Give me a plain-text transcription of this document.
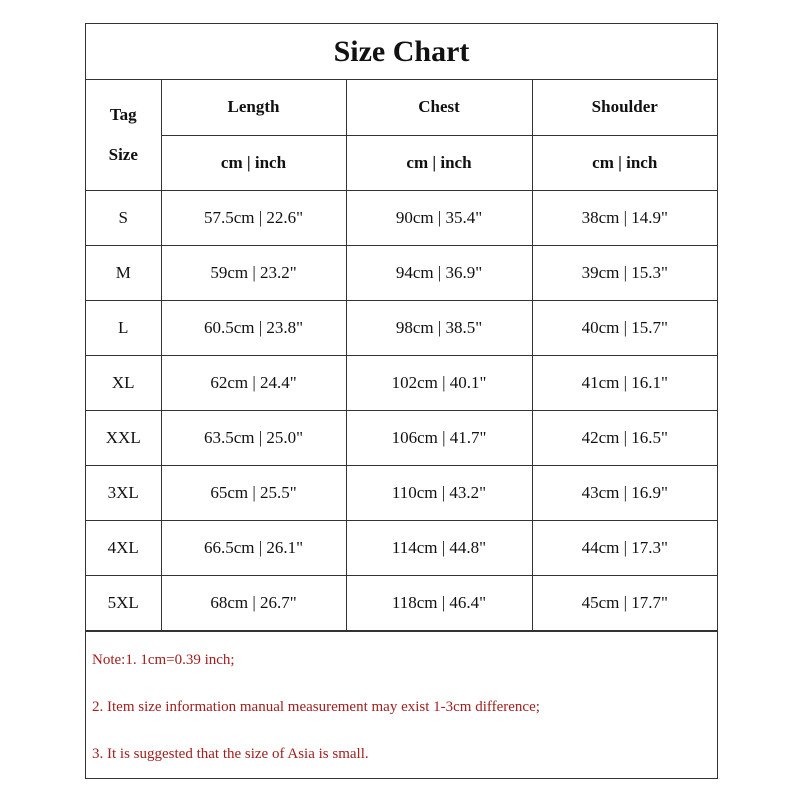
Size Chart
Tag
Size	Length	Chest	Shoulder
	cm | inch	cm | inch	cm | inch
S	57.5cm | 22.6"	90cm | 35.4"	38cm | 14.9"
M	59cm | 23.2"	94cm | 36.9"	39cm | 15.3"
L	60.5cm | 23.8"	98cm | 38.5"	40cm | 15.7"
XL	62cm | 24.4"	102cm | 40.1"	41cm | 16.1"
XXL	63.5cm | 25.0"	106cm | 41.7"	42cm | 16.5"
3XL	65cm | 25.5"	110cm | 43.2"	43cm | 16.9"
4XL	66.5cm | 26.1"	114cm | 44.8"	44cm | 17.3"
5XL	68cm | 26.7"	118cm | 46.4"	45cm | 17.7"

Note:1. 1cm=0.39 inch;

2. Item size information manual measurement may exist 1-3cm difference;

3. It is suggested that the size of Asia is small.
